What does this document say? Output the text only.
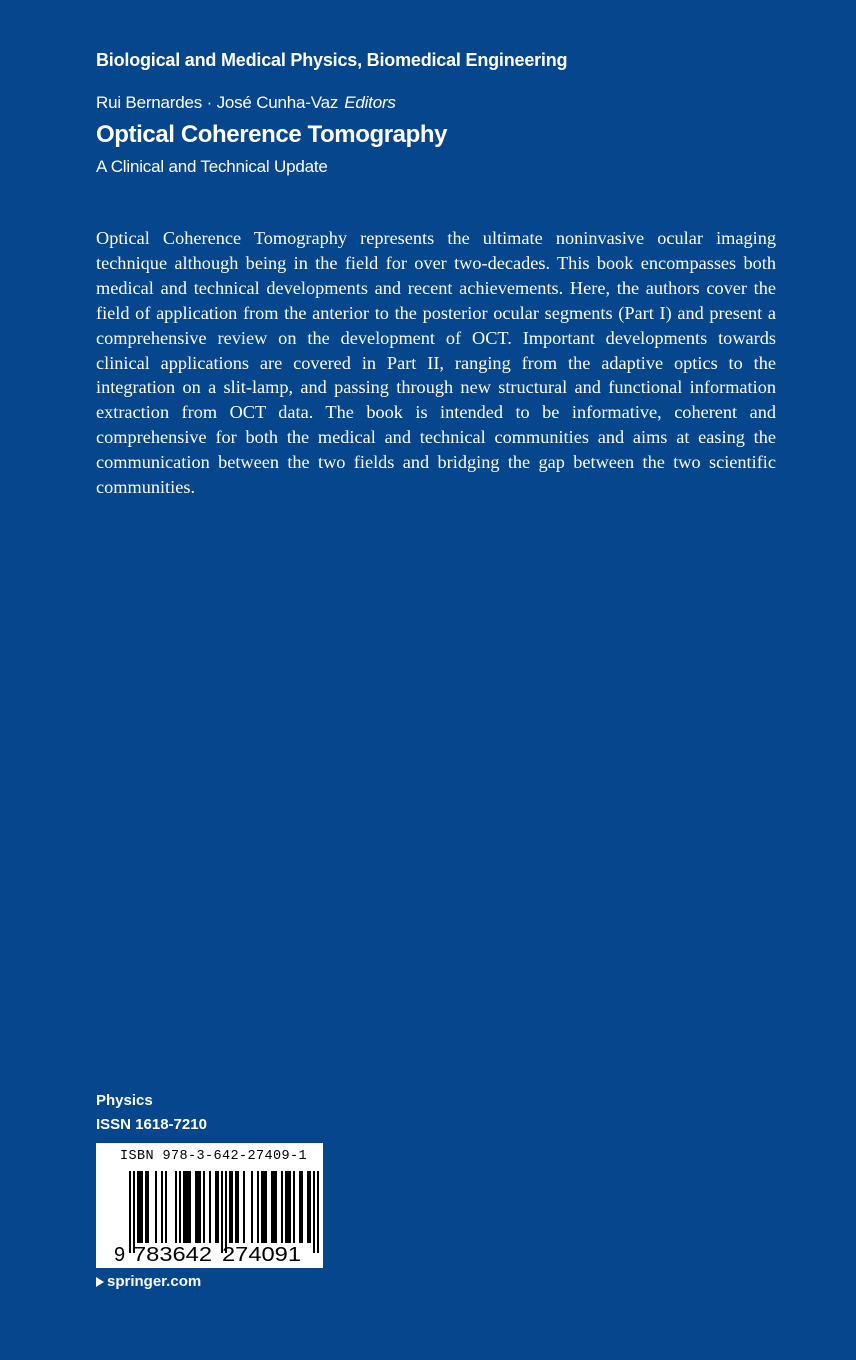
Biological and Medical Physics, Biomedical Engineering
Rui Bernardes · José Cunha-Vaz Editors
Optical Coherence Tomography
A Clinical and Technical Update
Optical Coherence Tomography represents the ultimate noninvasive ocular imaging technique although being in the field for over two-decades. This book encompasses both medical and technical developments and recent achievements. Here, the authors cover the field of application from the anterior to the posterior ocular segments (Part I) and present a comprehensive review on the development of OCT. Important developments towards clinical applications are covered in Part II, ranging from the adaptive optics to the integration on a slit-lamp, and passing through new structural and functional information extraction from OCT data. The book is intended to be informative, coherent and comprehensive for both the medical and technical communities and aims at easing the communication between the two fields and bridging the gap between the two scientific communities.
Physics
ISSN 1618-7210
ISBN 978-3-642-27409-1
9 783642 274091
springer.com
